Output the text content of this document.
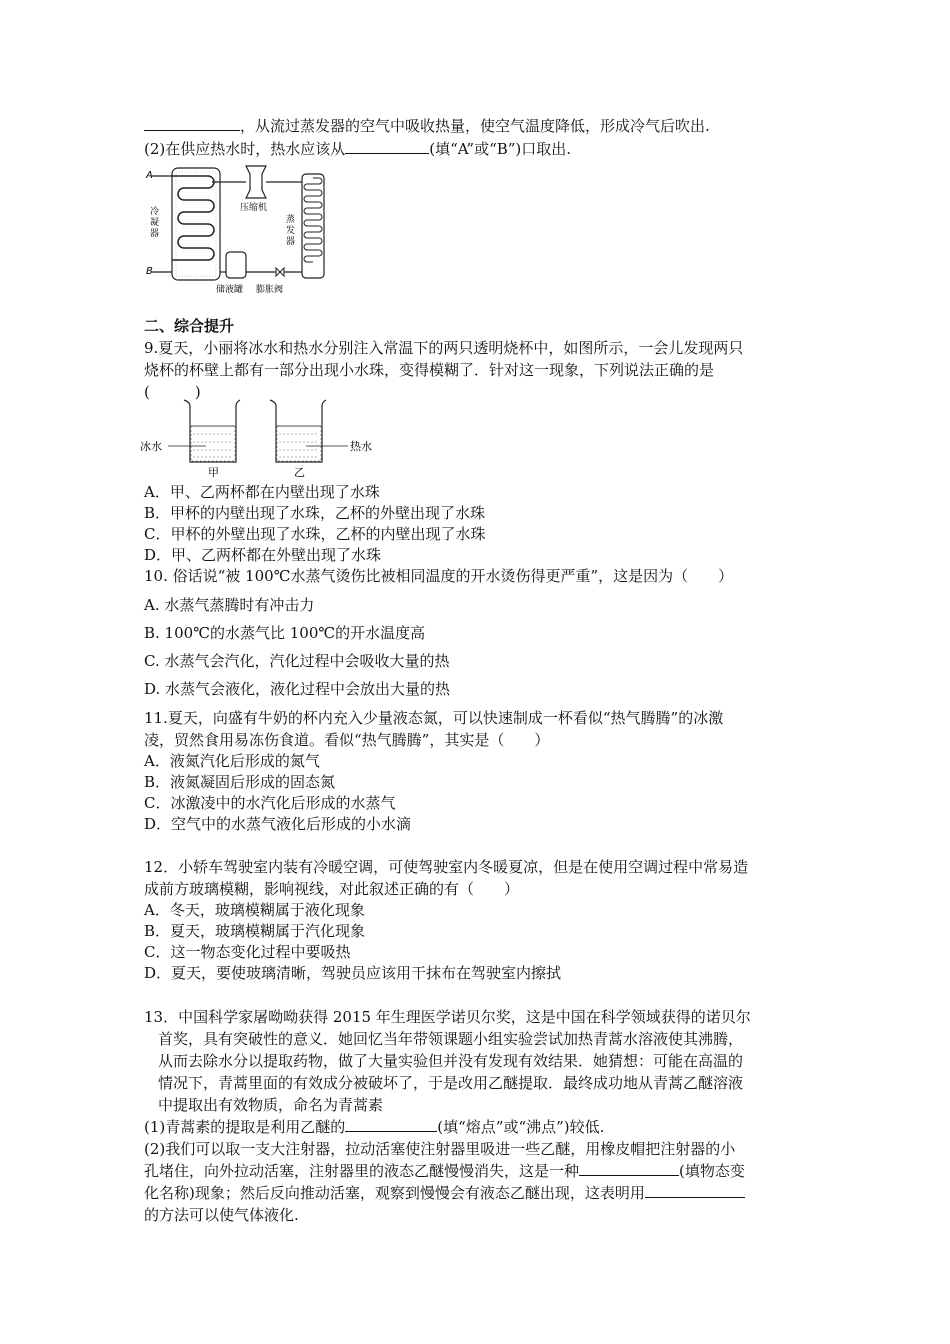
，从流过蒸发器的空气中吸收热量，使空气温度降低，形成冷气后吹出.
(2)在供应热水时，热水应该从	(填“A”或“B”)口取出.
A
B
冷
凝
器
压缩机
蒸
发
器
储液罐 膨胀阀
二、综合提升
9.夏天，小丽将冰水和热水分别注入常温下的两只透明烧杯中，如图所示，一会儿发现两只
烧杯的杯壁上都有一部分出现小水珠，变得模糊了．针对这一现象，下列说法正确的是
(　　　)
冰水
甲
热水
乙
A．甲、乙两杯都在内壁出现了水珠
B．甲杯的内壁出现了水珠，乙杯的外壁出现了水珠
C．甲杯的外壁出现了水珠，乙杯的内壁出现了水珠
D．甲、乙两杯都在外壁出现了水珠
10. 俗话说“被 100℃水蒸气烫伤比被相同温度的开水烫伤得更严重”，这是因为（　　）
A. 水蒸气蒸腾时有冲击力
B. 100℃的水蒸气比 100℃的开水温度高
C. 水蒸气会汽化，汽化过程中会吸收大量的热
D. 水蒸气会液化，液化过程中会放出大量的热
11.夏天，向盛有牛奶的杯内充入少量液态氮，可以快速制成一杯看似“热气腾腾”的冰激
凌，贸然食用易冻伤食道。看似“热气腾腾”，其实是（　　）
A．液氮汽化后形成的氮气
B．液氮凝固后形成的固态氮
C．冰激凌中的水汽化后形成的水蒸气
D．空气中的水蒸气液化后形成的小水滴
12．小轿车驾驶室内装有冷暖空调，可使驾驶室内冬暖夏凉，但是在使用空调过程中常易造
成前方玻璃模糊，影响视线，对此叙述正确的有（　　）
A．冬天，玻璃模糊属于液化现象
B．夏天，玻璃模糊属于汽化现象
C．这一物态变化过程中要吸热
D．夏天，要使玻璃清晰，驾驶员应该用干抹布在驾驶室内擦拭
13．中国科学家屠呦呦获得 2015 年生理医学诺贝尔奖，这是中国在科学领域获得的诺贝尔
首奖，具有突破性的意义．她回忆当年带领课题小组实验尝试加热青蒿水溶液使其沸腾，
从而去除水分以提取药物，做了大量实验但并没有发现有效结果．她猜想：可能在高温的
情况下，青蒿里面的有效成分被破坏了，于是改用乙醚提取．最终成功地从青蒿乙醚溶液
中提取出有效物质，命名为青蒿素
(1)青蒿素的提取是利用乙醚的	(填“熔点”或“沸点”)较低.
(2)我们可以取一支大注射器，拉动活塞使注射器里吸进一些乙醚，用橡皮帽把注射器的小
孔堵住，向外拉动活塞，注射器里的液态乙醚慢慢消失，这是一种	(填物态变
化名称)现象；然后反向推动活塞，观察到慢慢会有液态乙醚出现，这表明用
的方法可以使气体液化.
